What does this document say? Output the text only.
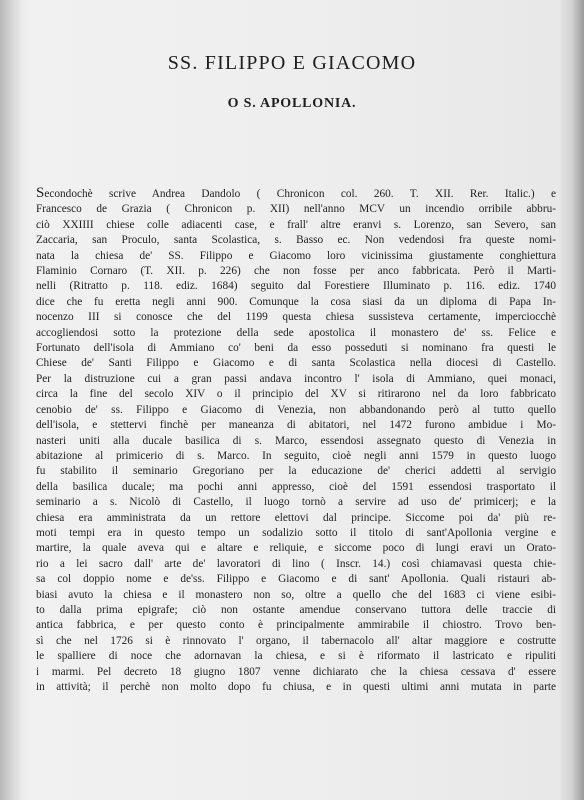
SS. FILIPPO E GIACOMO
O S. APOLLONIA.
Secondochè scrive Andrea Dandolo ( Chronicon col. 260. T. XII. Rer. Italic.) e
Francesco de Grazia ( Chronicon p. XII) nell'anno MCV un incendio orribile abbru-
ciò XXIIII chiese colle adiacenti case, e frall' altre eranvi s. Lorenzo, san Severo, san
Zaccaria, san Proculo, santa Scolastica, s. Basso ec. Non vedendosi fra queste nomi-
nata la chiesa de' SS. Filippo e Giacomo loro vicinissima giustamente conghiettura
Flaminio Cornaro (T. XII. p. 226) che non fosse per anco fabbricata. Però il Marti-
nelli (Ritratto p. 118. ediz. 1684) seguito dal Forestiere Illuminato p. 116. ediz. 1740
dice che fu eretta negli anni 900. Comunque la cosa siasi da un diploma di Papa In-
nocenzo III si conosce che del 1199 questa chiesa sussisteva certamente, imperciocchè
accogliendosi sotto la protezione della sede apostolica il monastero de' ss. Felice e
Fortunato dell'isola di Ammiano co' beni da esso posseduti si nominano fra questi le
Chiese de' Santi Filippo e Giacomo e di santa Scolastica nella diocesi di Castello.
Per la distruzione cui a gran passi andava incontro l' isola di Ammiano, quei monaci,
circa la fine del secolo XIV o il principio del XV si ritirarono nel da loro fabbricato
cenobio de' ss. Filippo e Giacomo di Venezia, non abbandonando però al tutto quello
dell'isola, e stettervi finchè per maneanza di abitatori, nel 1472 furono ambidue i Mo-
nasteri uniti alla ducale basilica di s. Marco, essendosi assegnato questo di Venezia in
abitazione al primicerio di s. Marco. In seguito, cioè negli anni 1579 in questo luogo
fu stabilito il seminario Gregoriano per la educazione de' cherici addetti al servigio
della basilica ducale; ma pochi anni appresso, cioè del 1591 essendosi trasportato il
seminario a s. Nicolò di Castello, il luogo tornò a servire ad uso de' primicerj; e la
chiesa era amministrata da un rettore elettovi dal principe. Siccome poi da' più re-
moti tempi era in questo tempo un sodalizio sotto il titolo di sant'Apollonia vergine e
martire, la quale aveva qui e altare e reliquie, e siccome poco di lungi eravi un Orato-
rio a lei sacro dall' arte de' lavoratori di lino ( Inscr. 14.) così chiamavasi questa chie-
sa col doppio nome e de'ss. Filippo e Giacomo e di sant' Apollonia. Quali ristauri ab-
biasi avuto la chiesa e il monastero non so, oltre a quello che del 1683 ci viene esibi-
to dalla prima epigrafe; ciò non ostante amendue conservano tuttora delle traccie di
antica fabbrica, e per questo conto è principalmente ammirabile il chiostro. Trovo ben-
sì che nel 1726 si è rinnovato l' organo, il tabernacolo all' altar maggiore e costrutte
le spalliere di noce che adornavan la chiesa, e si è riformato il lastricato e ripuliti
i marmi. Pel decreto 18 giugno 1807 venne dichiarato che la chiesa cessava d' essere
in attività; il perchè non molto dopo fu chiusa, e in questi ultimi anni mutata in parte
